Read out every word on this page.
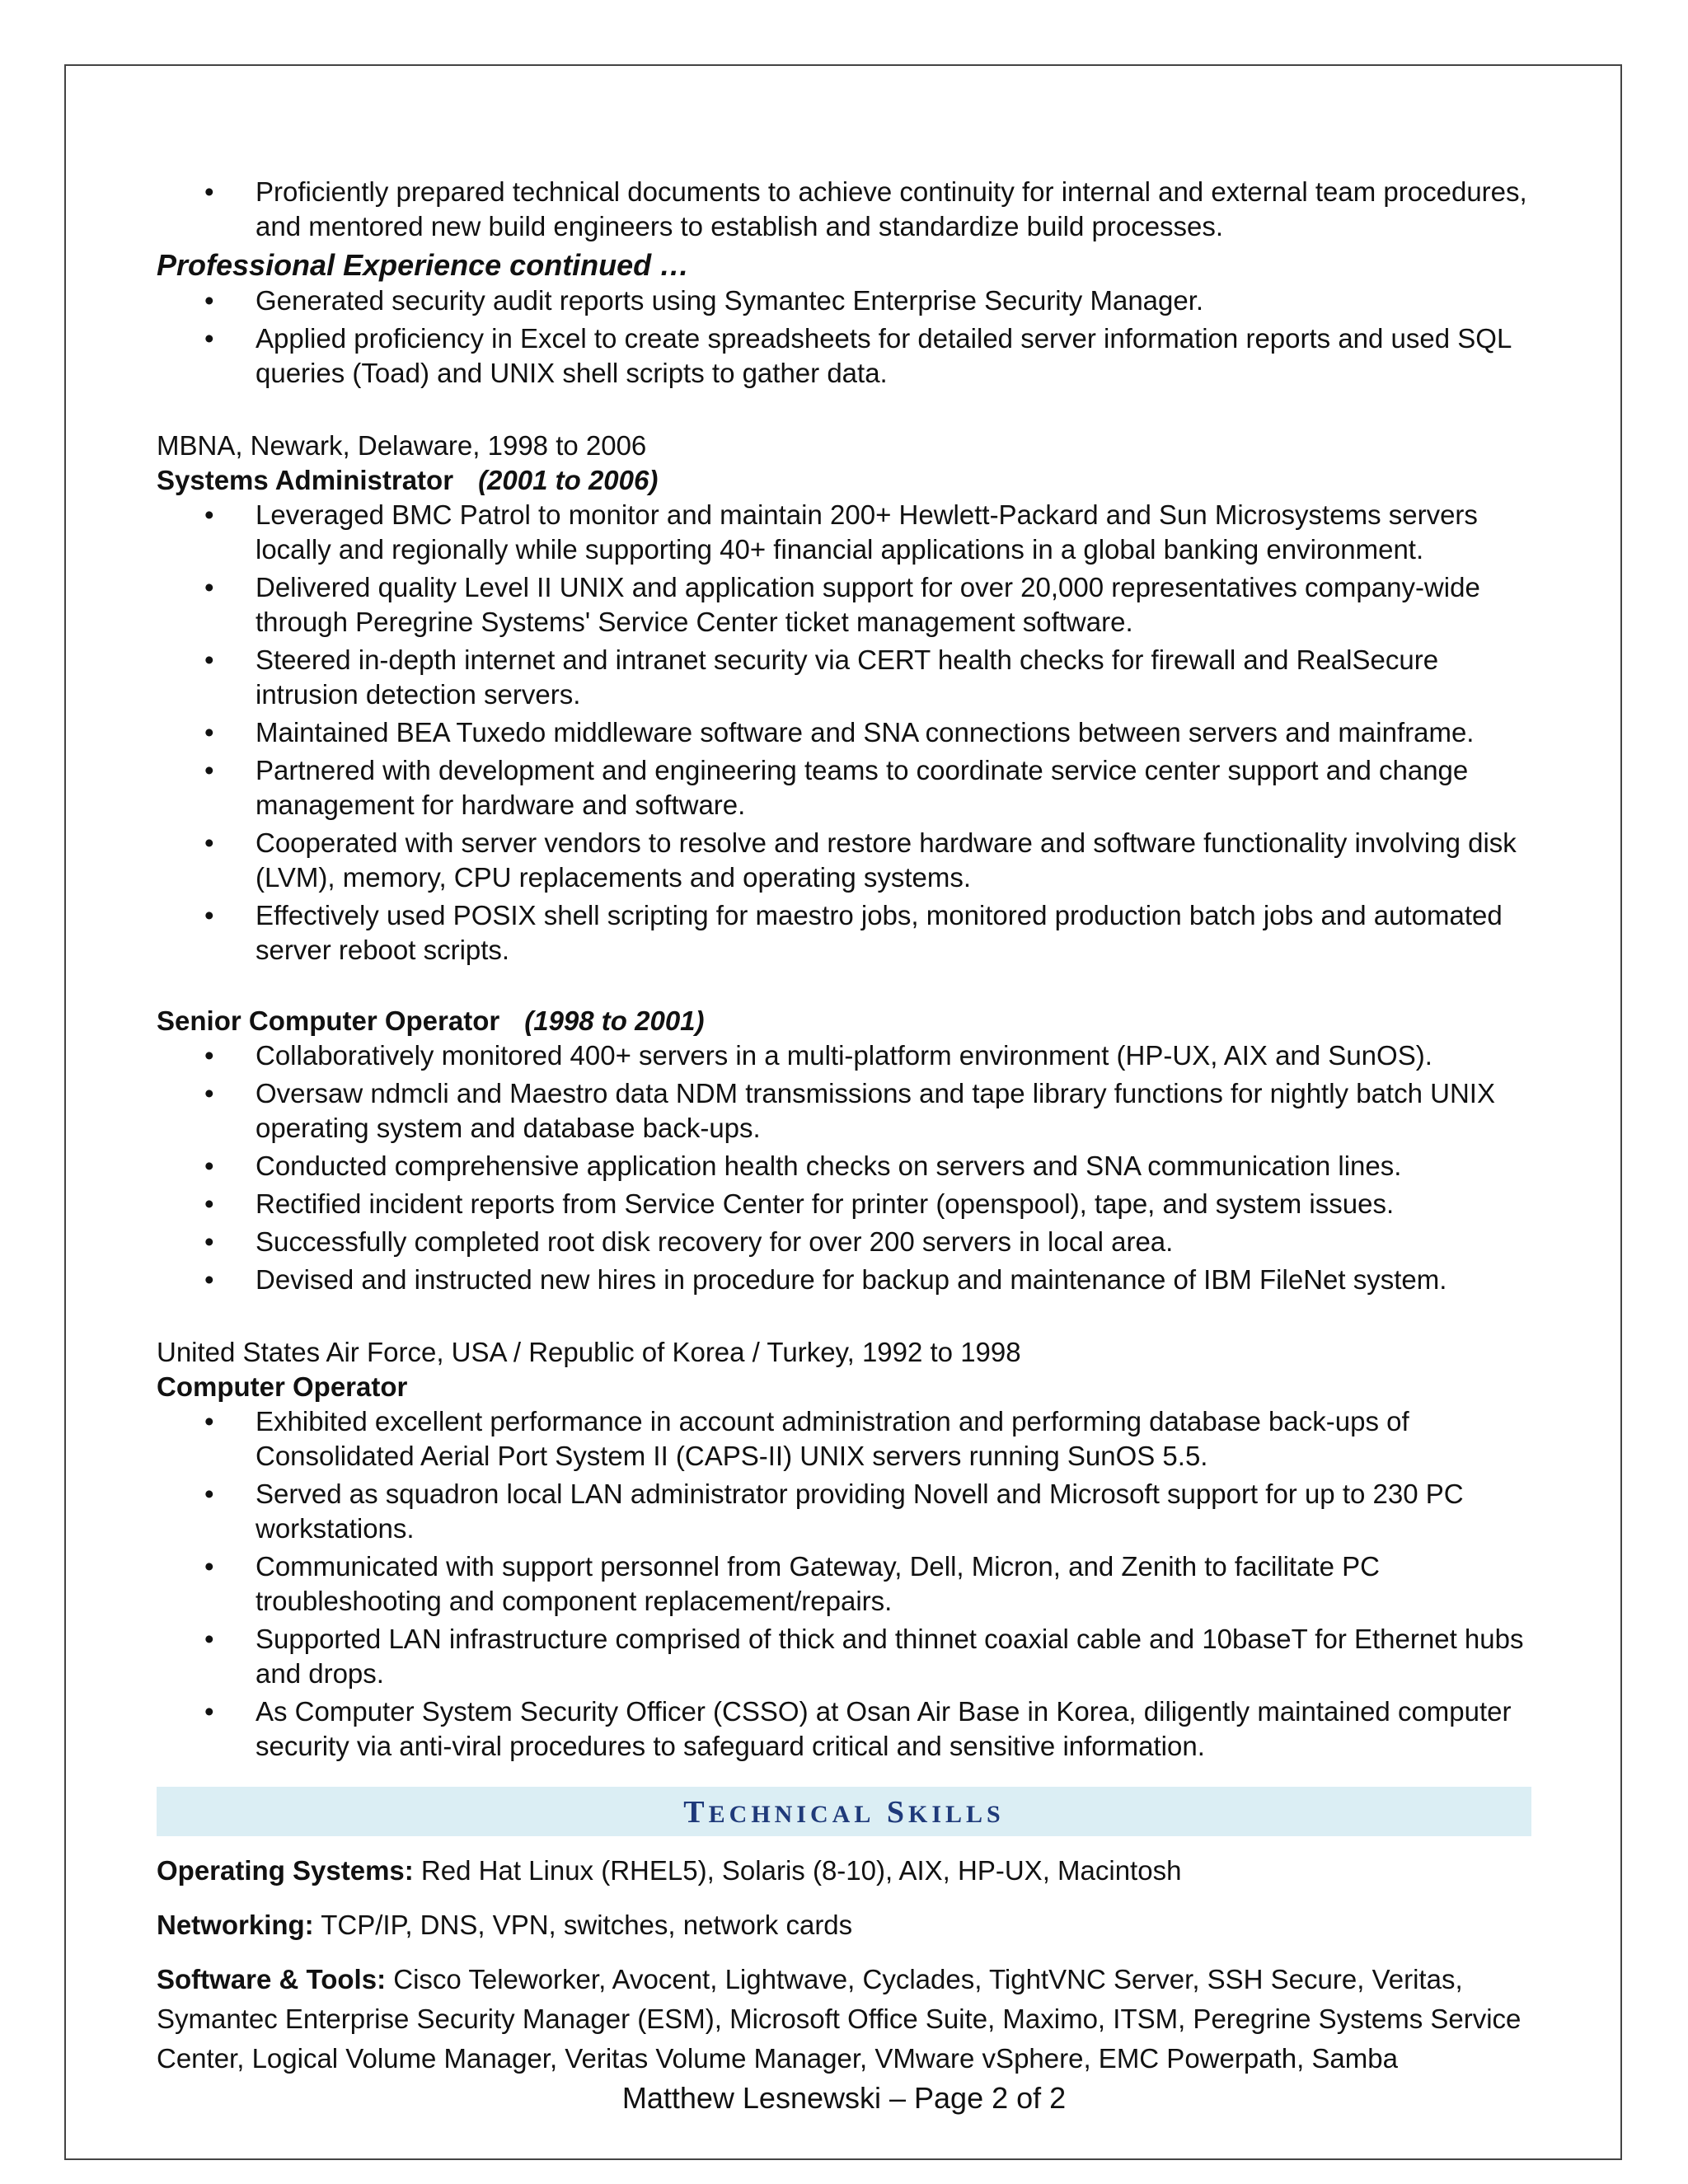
• Proficiently prepared technical documents to achieve continuity for internal and external team procedures, and mentored new build engineers to establish and standardize build processes.
Professional Experience continued …
• Generated security audit reports using Symantec Enterprise Security Manager.
• Applied proficiency in Excel to create spreadsheets for detailed server information reports and used SQL queries (Toad) and UNIX shell scripts to gather data.
MBNA, Newark, Delaware, 1998 to 2006
Systems Administrator (2001 to 2006)
• Leveraged BMC Patrol to monitor and maintain 200+ Hewlett-Packard and Sun Microsystems servers locally and regionally while supporting 40+ financial applications in a global banking environment.
• Delivered quality Level II UNIX and application support for over 20,000 representatives company-wide through Peregrine Systems' Service Center ticket management software.
• Steered in-depth internet and intranet security via CERT health checks for firewall and RealSecure intrusion detection servers.
• Maintained BEA Tuxedo middleware software and SNA connections between servers and mainframe.
• Partnered with development and engineering teams to coordinate service center support and change management for hardware and software.
• Cooperated with server vendors to resolve and restore hardware and software functionality involving disk (LVM), memory, CPU replacements and operating systems.
• Effectively used POSIX shell scripting for maestro jobs, monitored production batch jobs and automated server reboot scripts.
Senior Computer Operator (1998 to 2001)
• Collaboratively monitored 400+ servers in a multi-platform environment (HP-UX, AIX and SunOS).
• Oversaw ndmcli and Maestro data NDM transmissions and tape library functions for nightly batch UNIX operating system and database back-ups.
• Conducted comprehensive application health checks on servers and SNA communication lines.
• Rectified incident reports from Service Center for printer (openspool), tape, and system issues.
• Successfully completed root disk recovery for over 200 servers in local area.
• Devised and instructed new hires in procedure for backup and maintenance of IBM FileNet system.
United States Air Force, USA / Republic of Korea / Turkey, 1992 to 1998
Computer Operator
• Exhibited excellent performance in account administration and performing database back-ups of Consolidated Aerial Port System II (CAPS-II) UNIX servers running SunOS 5.5.
• Served as squadron local LAN administrator providing Novell and Microsoft support for up to 230 PC workstations.
• Communicated with support personnel from Gateway, Dell, Micron, and Zenith to facilitate PC troubleshooting and component replacement/repairs.
• Supported LAN infrastructure comprised of thick and thinnet coaxial cable and 10baseT for Ethernet hubs and drops.
• As Computer System Security Officer (CSSO) at Osan Air Base in Korea, diligently maintained computer security via anti-viral procedures to safeguard critical and sensitive information.
TECHNICAL SKILLS
Operating Systems: Red Hat Linux (RHEL5), Solaris (8-10), AIX, HP-UX, Macintosh
Networking: TCP/IP, DNS, VPN, switches, network cards
Software & Tools: Cisco Teleworker, Avocent, Lightwave, Cyclades, TightVNC Server, SSH Secure, Veritas, Symantec Enterprise Security Manager (ESM), Microsoft Office Suite, Maximo, ITSM, Peregrine Systems Service Center, Logical Volume Manager, Veritas Volume Manager, VMware vSphere, EMC Powerpath, Samba
Matthew Lesnewski – Page 2 of 2
